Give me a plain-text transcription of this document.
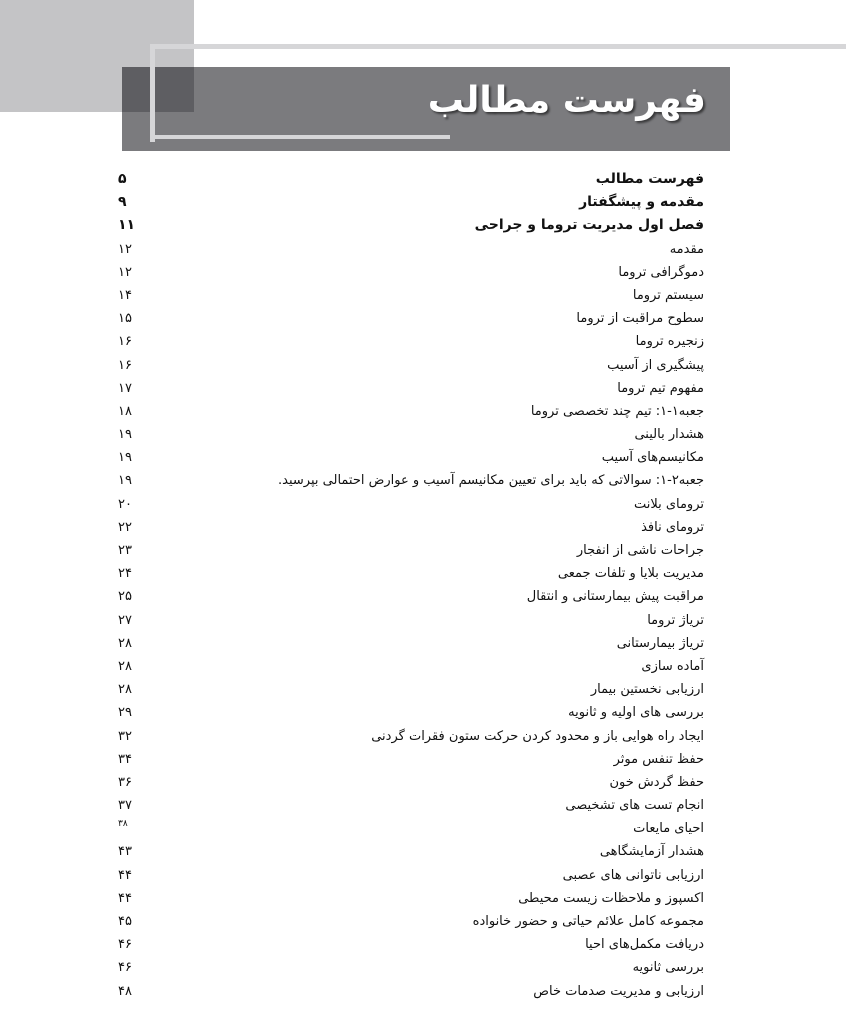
فهرست مطالب
۵	فهرست مطالب
۹	مقدمه و پیشگفتار
۱۱	فصل اول مدیریت تروما و جراحی
۱۲	مقدمه
۱۲	دموگرافی تروما
۱۴	سیستم تروما
۱۵	سطوح مراقبت از تروما
۱۶	زنجیره تروما
۱۶	پیشگیری از آسیب
۱۷	مفهوم تیم تروما
۱۸	جعبه۱-۱: تیم چند تخصصی تروما
۱۹	هشدار بالینی
۱۹	مکانیسم‌های آسیب
۱۹	جعبه۲-۱: سوالاتی که باید برای تعیین مکانیسم آسیب و عوارض احتمالی بپرسید.
۲۰	ترومای بلانت
۲۲	ترومای نافذ
۲۳	جراحات ناشی از انفجار
۲۴	مدیریت بلایا و تلفات جمعی
۲۵	مراقبت پیش بیمارستانی و انتقال
۲۷	تریاژ تروما
۲۸	تریاژ بیمارستانی
۲۸	آماده سازی
۲۸	ارزیابی نخستین بیمار
۲۹	بررسی های اولیه و ثانویه
۳۲	ایجاد راه هوایی باز و محدود کردن حرکت ستون فقرات گردنی
۳۴	حفظ تنفس موثر
۳۶	حفظ گردش خون
۳۷	انجام تست های تشخیصی
۳۸	احیای مایعات
۴۳	هشدار آزمایشگاهی
۴۴	ارزیابی ناتوانی های عصبی
۴۴	اکسپوز و ملاحظات زیست محیطی
۴۵	مجموعه کامل علائم حیاتی و حضور خانواده
۴۶	دریافت مکمل‌های احیا
۴۶	بررسی ثانویه
۴۸	ارزیابی و مدیریت صدمات خاص
